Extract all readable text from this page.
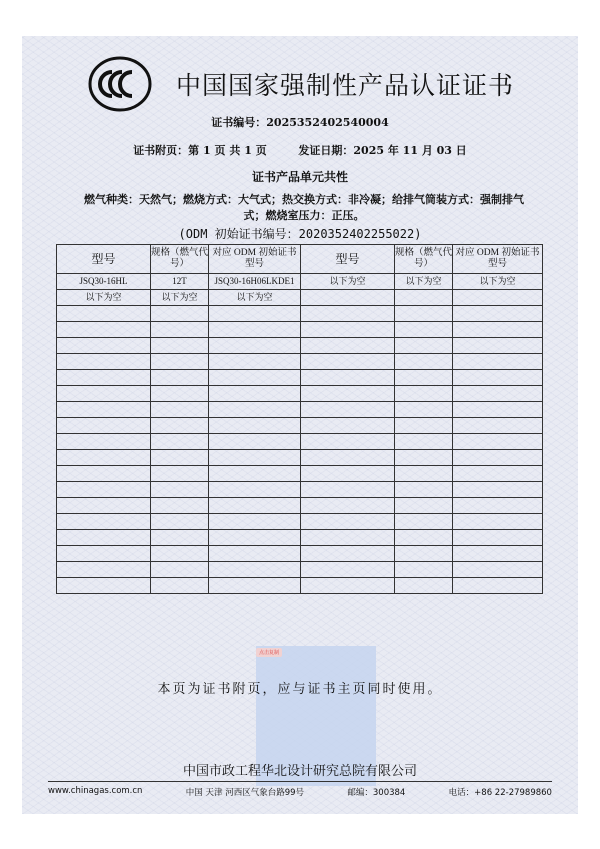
中国国家强制性产品认证证书
证书编号：2025352402540004
证书附页：第 1 页 共 1 页	发证日期：2025 年 11 月 03 日
证书产品单元共性
燃气种类：天然气；燃烧方式：大气式；热交换方式：非冷凝；给排气筒装方式：强制排气式；燃烧室压力：正压。
(ODM 初始证书编号：2020352402255022)
型号	规格（燃气代号）	对应 ODM 初始证书型号	型号	规格（燃气代号）	对应 ODM 初始证书型号
JSQ30-16HL	12T	JSQ30-16H06LKDE1	以下为空	以下为空	以下为空
以下为空	以下为空	以下为空			

点击复制
本页为证书附页，应与证书主页同时使用。
中国市政工程华北设计研究总院有限公司
www.chinagas.com.cn	中国 天津 河西区气象台路99号	邮编：300384	电话：+86 22-27989860
